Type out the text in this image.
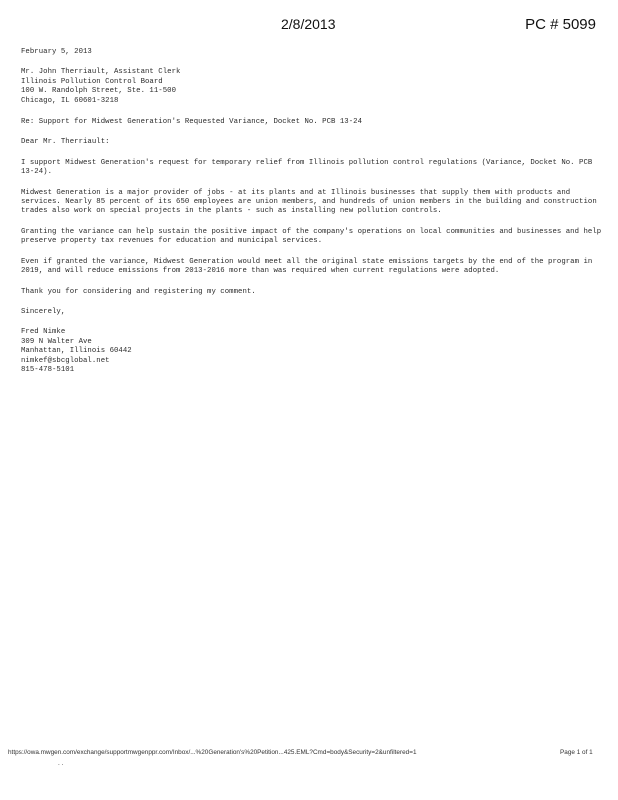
2/8/2013	PC # 5099

February 5, 2013

Mr. John Therriault, Assistant Clerk
Illinois Pollution Control Board
100 W. Randolph Street, Ste. 11-500
Chicago, IL 60601-3218

Re: Support for Midwest Generation's Requested Variance, Docket No. PCB 13-24

Dear Mr. Therriault:

I support Midwest Generation's request for temporary relief from Illinois pollution control regulations (Variance, Docket No. PCB 13-24).

Midwest Generation is a major provider of jobs - at its plants and at Illinois businesses that supply them with products and services. Nearly 85 percent of its 650 employees are union members, and hundreds of union members in the building and construction trades also work on special projects in the plants - such as installing new pollution controls.

Granting the variance can help sustain the positive impact of the company's operations on local communities and businesses and help preserve property tax revenues for education and municipal services.

Even if granted the variance, Midwest Generation would meet all the original state emissions targets by the end of the program in 2019, and will reduce emissions from 2013-2016 more than was required when current regulations were adopted.

Thank you for considering and registering my comment.

Sincerely,

Fred Nimke
309 N Walter Ave
Manhattan, Illinois 60442
nimkef@sbcglobal.net
815-478-5101
https://owa.mwgen.com/exchange/supportmwgenppr.com/Inbox/...%20Generation's%20Petition...425.EML?Cmd=body&Security=2&unfiltered=1	Page 1 of 1
. .
